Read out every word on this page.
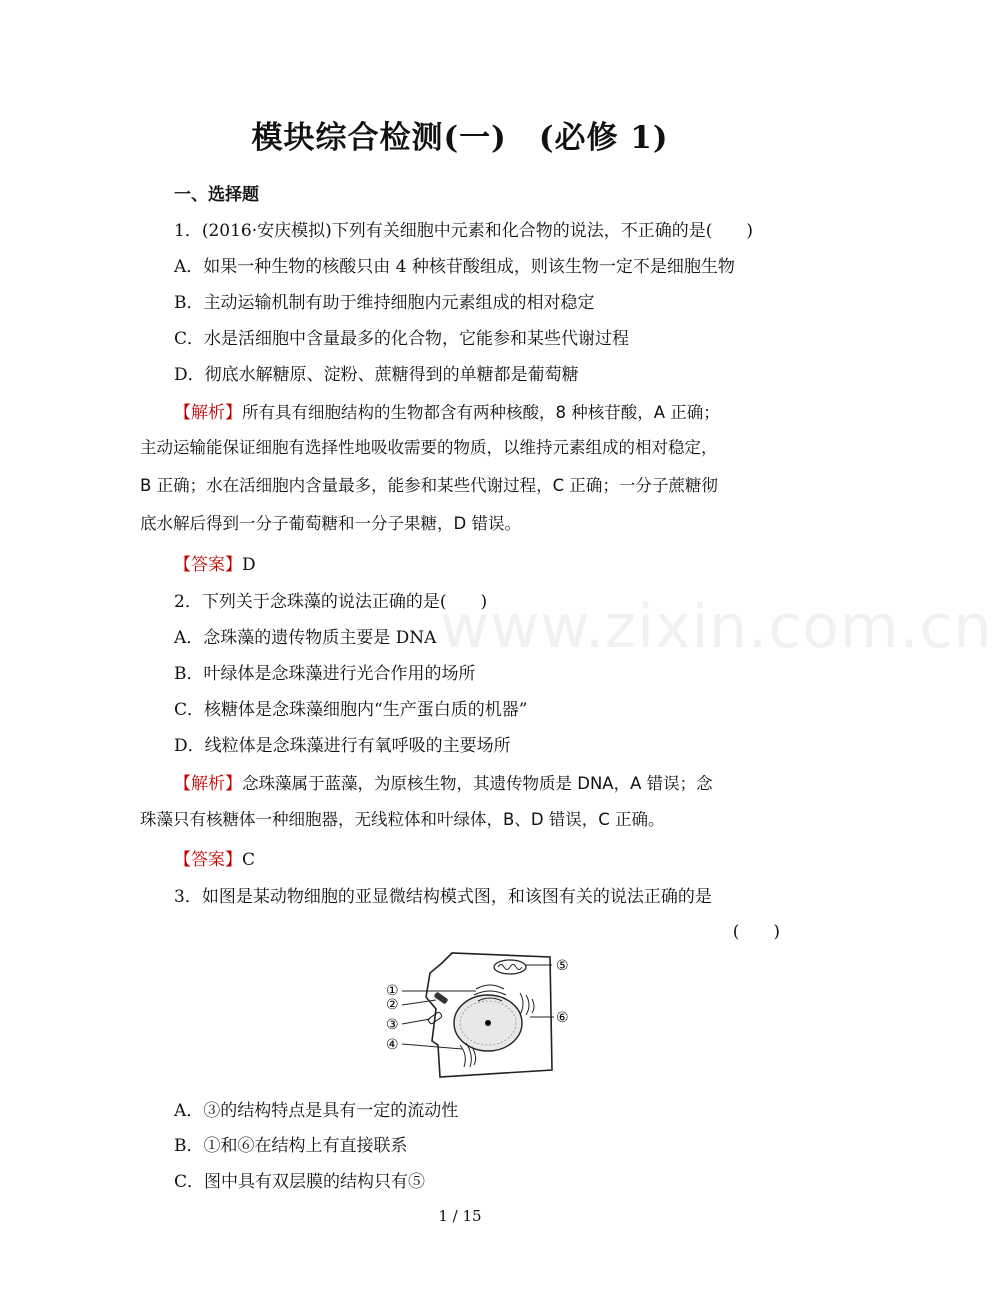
模块综合检测(一)　(必修 1)
一、选择题
1．(2016·安庆模拟)下列有关细胞中元素和化合物的说法，不正确的是(　　)
A．如果一种生物的核酸只由 4 种核苷酸组成，则该生物一定不是细胞生物
B．主动运输机制有助于维持细胞内元素组成的相对稳定
C．水是活细胞中含量最多的化合物，它能参和某些代谢过程
D．彻底水解糖原、淀粉、蔗糖得到的单糖都是葡萄糖
【解析】所有具有细胞结构的生物都含有两种核酸，8 种核苷酸，A 正确；
主动运输能保证细胞有选择性地吸收需要的物质，以维持元素组成的相对稳定，
B 正确；水在活细胞内含量最多，能参和某些代谢过程，C 正确；一分子蔗糖彻
底水解后得到一分子葡萄糖和一分子果糖，D 错误。
【答案】D
2．下列关于念珠藻的说法正确的是(　　)
A．念珠藻的遗传物质主要是 DNA
B．叶绿体是念珠藻进行光合作用的场所
C．核糖体是念珠藻细胞内“生产蛋白质的机器”
D．线粒体是念珠藻进行有氧呼吸的主要场所
【解析】念珠藻属于蓝藻，为原核生物，其遗传物质是 DNA，A 错误；念
珠藻只有核糖体一种细胞器，无线粒体和叶绿体，B、D 错误，C 正确。
【答案】C
3．如图是某动物细胞的亚显微结构模式图，和该图有关的说法正确的是
(　　)
①
②
③
④
⑤
⑥
A．③的结构特点是具有一定的流动性
B．①和⑥在结构上有直接联系
C．图中具有双层膜的结构只有⑤
www.zixin.com.cn
1 / 15
